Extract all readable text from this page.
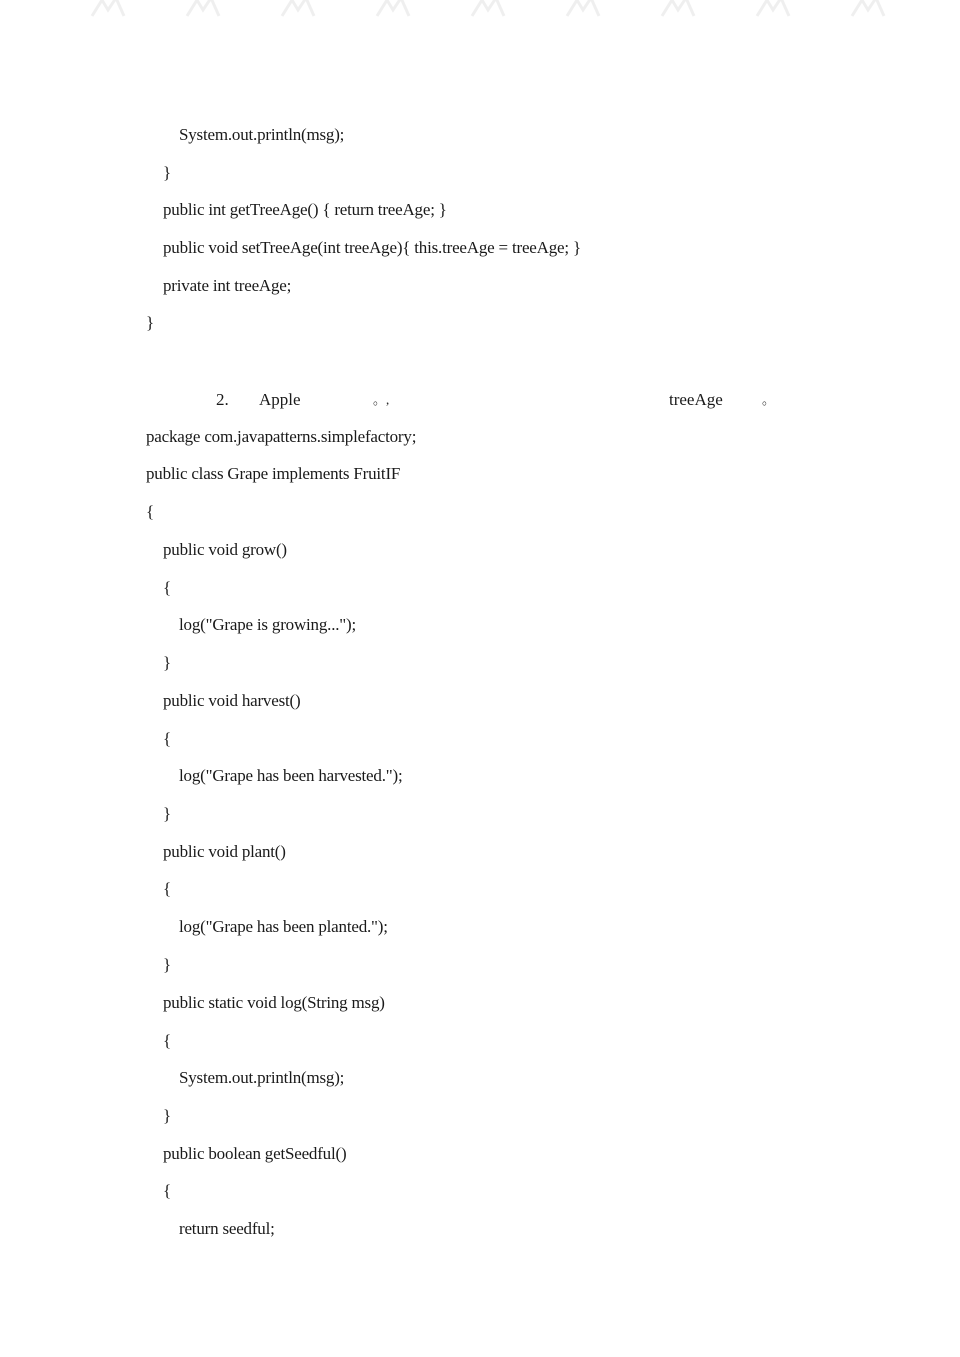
System.out.println(msg);
}
public int getTreeAge() { return treeAge; }
public void setTreeAge(int treeAge){ this.treeAge = treeAge; }
private int treeAge;
}
2. Apple	。,	treeAge	。
package com.javapatterns.simplefactory;
public class Grape implements FruitIF
{
public void grow()
{
log("Grape is growing...");
}
public void harvest()
{
log("Grape has been harvested.");
}
public void plant()
{
log("Grape has been planted.");
}
public static void log(String msg)
{
System.out.println(msg);
}
public boolean getSeedful()
{
return seedful;
